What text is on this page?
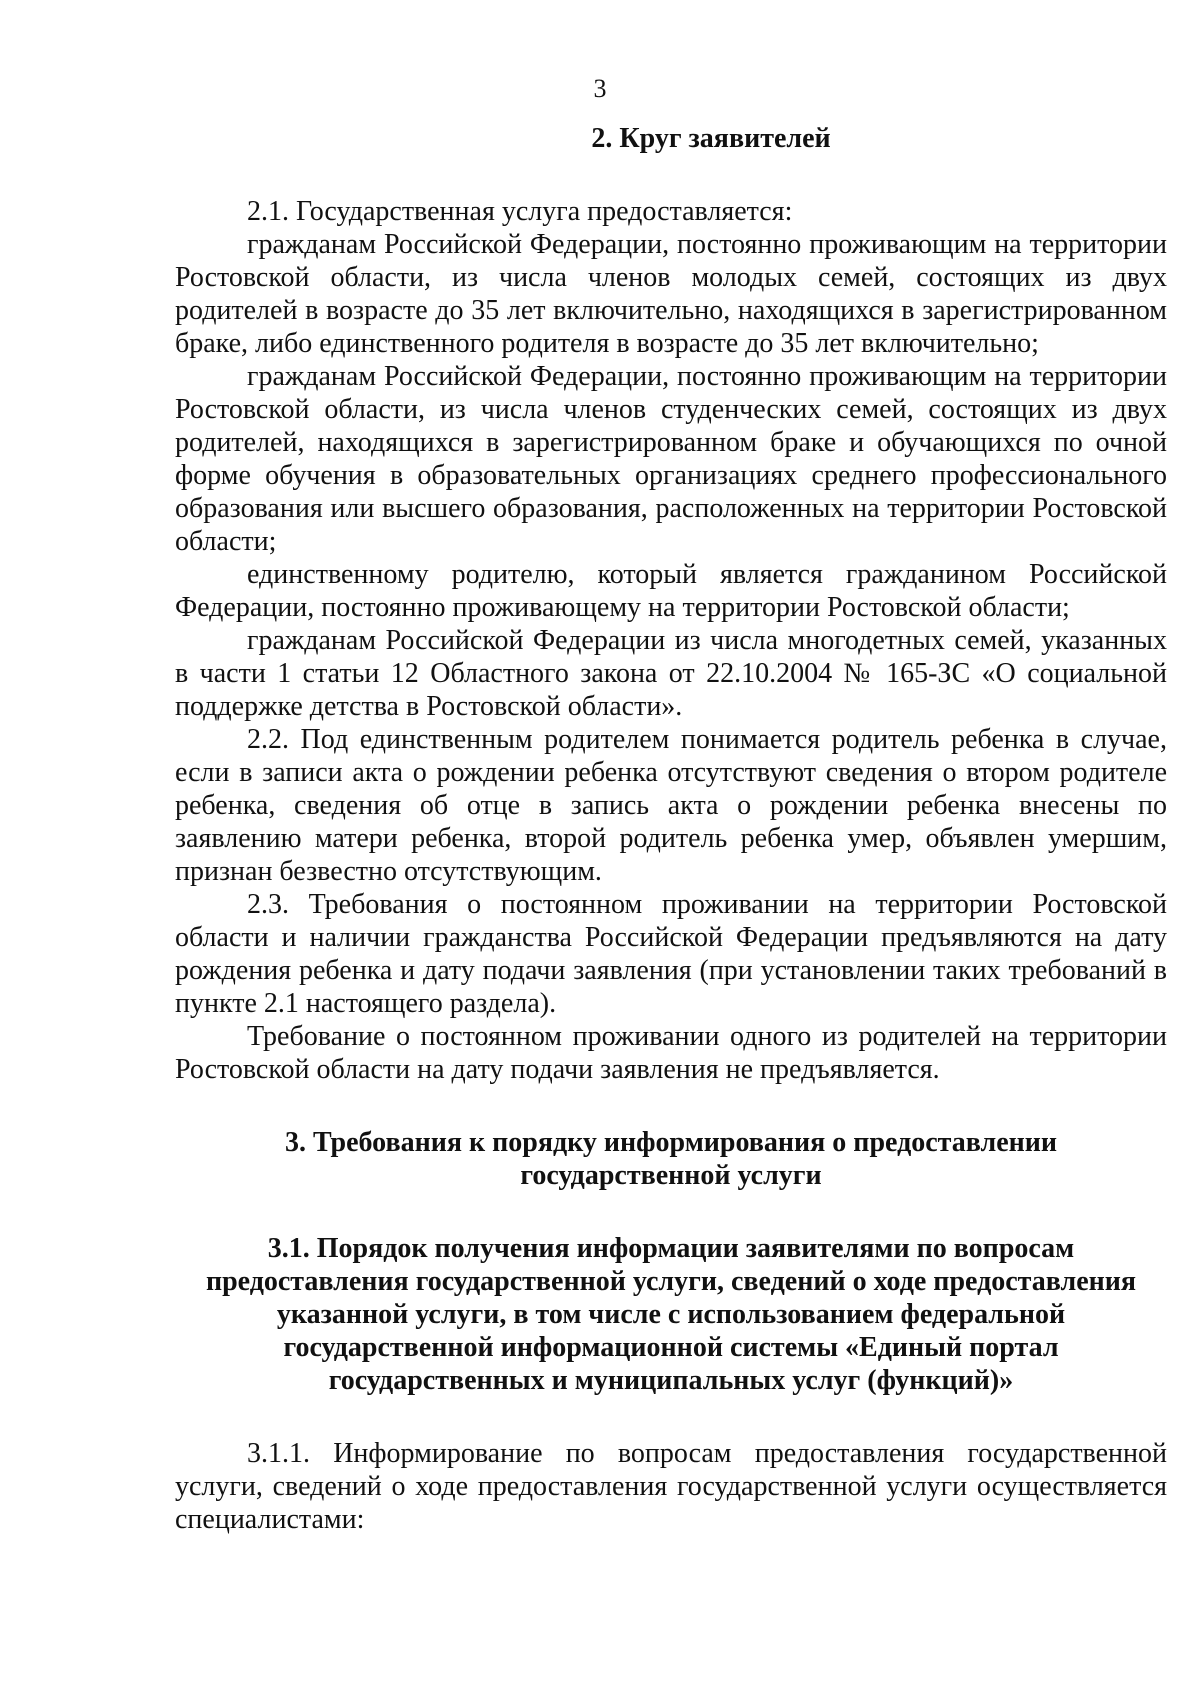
3
2. Круг заявителей

2.1. Государственная услуга предоставляется:

гражданам Российской Федерации, постоянно проживающим на территории Ростовской области, из числа членов молодых семей, состоящих из двух родителей в возрасте до 35 лет включительно, находящихся в зарегистрированном браке, либо единственного родителя в возрасте до 35 лет включительно;

гражданам Российской Федерации, постоянно проживающим на территории Ростовской области, из числа членов студенческих семей, состоящих из двух родителей, находящихся в зарегистрированном браке и обучающихся по очной форме обучения в образовательных организациях среднего профессионального образования или высшего образования, расположенных на территории Ростовской области;

единственному родителю, который является гражданином Российской Федерации, постоянно проживающему на территории Ростовской области;

гражданам Российской Федерации из числа многодетных семей, указанных в части 1 статьи 12 Областного закона от 22.10.2004 № 165-ЗС «О социальной поддержке детства в Ростовской области».

2.2. Под единственным родителем понимается родитель ребенка в случае, если в записи акта о рождении ребенка отсутствуют сведения о втором родителе ребенка, сведения об отце в запись акта о рождении ребенка внесены по заявлению матери ребенка, второй родитель ребенка умер, объявлен умершим, признан безвестно отсутствующим.

2.3. Требования о постоянном проживании на территории Ростовской области и наличии гражданства Российской Федерации предъявляются на дату рождения ребенка и дату подачи заявления (при установлении таких требований в пункте 2.1 настоящего раздела).

Требование о постоянном проживании одного из родителей на территории Ростовской области на дату подачи заявления не предъявляется.

3. Требования к порядку информирования о предоставлении государственной услуги
3.1. Порядок получения информации заявителями по вопросам предоставления государственной услуги, сведений о ходе предоставления указанной услуги, в том числе с использованием федеральной государственной информационной системы «Единый портал государственных и муниципальных услуг (функций)»

3.1.1. Информирование по вопросам предоставления государственной услуги, сведений о ходе предоставления государственной услуги осуществляется специалистами:
